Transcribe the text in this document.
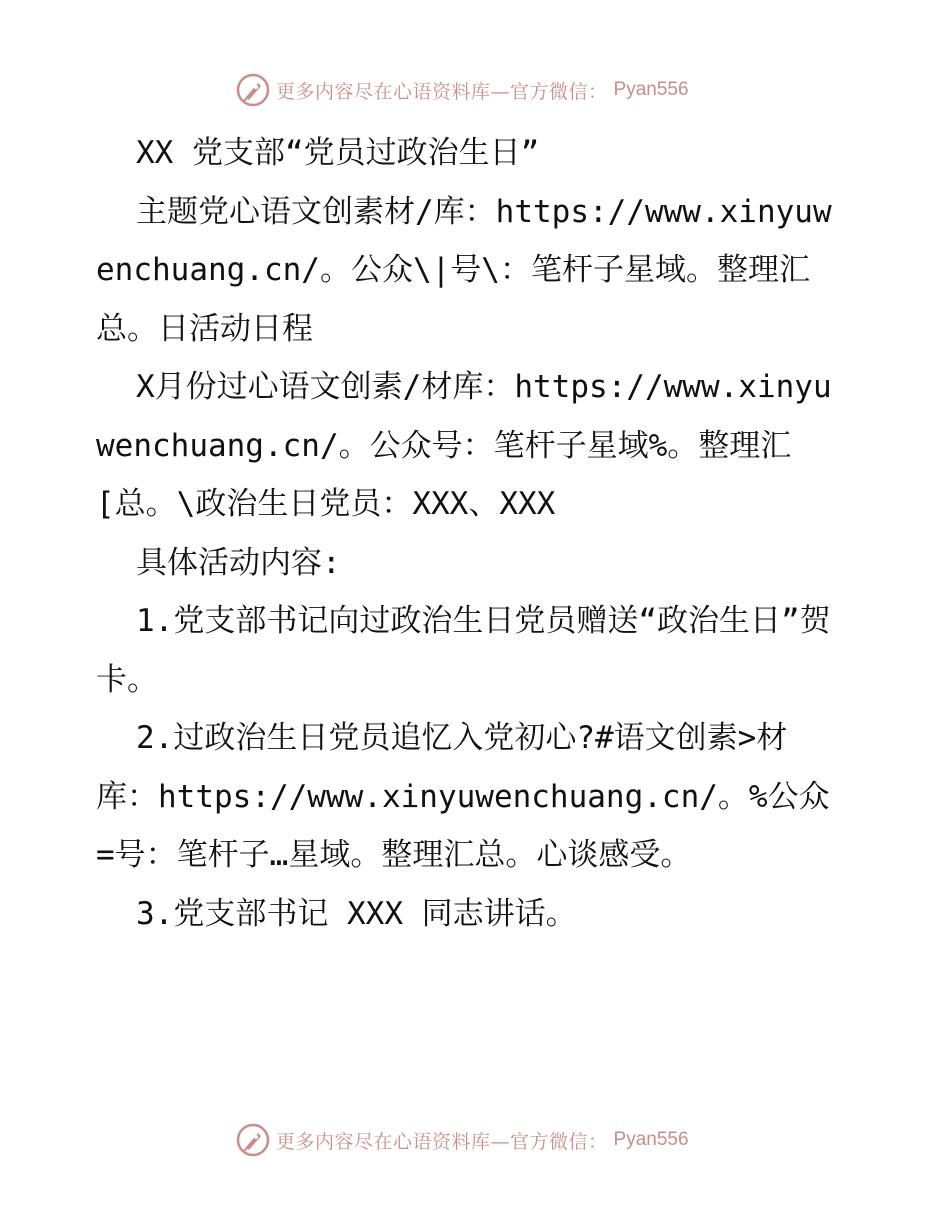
更多内容尽在心语资料库—官方微信： Pyan556

XX 党支部“党员过政治生日”

主题党心语文创素材/库：https://www.xinyuwenchuang.cn/。公众\|号\：笔杆子星域。整理汇总。日活动日程

X月份过心语文创素/材库：https://www.xinyuwenchuang.cn/。公众号：笔杆子星域%。整理汇[总。\政治生日党员：XXX、XXX

具体活动内容:

1.党支部书记向过政治生日党员赠送“政治生日”贺卡。

2.过政治生日党员追忆入党初心?#语文创素>材库：https://www.xinyuwenchuang.cn/。%公众=号：笔杆子…星域。整理汇总。心谈感受。

3.党支部书记 XXX 同志讲话。

更多内容尽在心语资料库—官方微信： Pyan556
